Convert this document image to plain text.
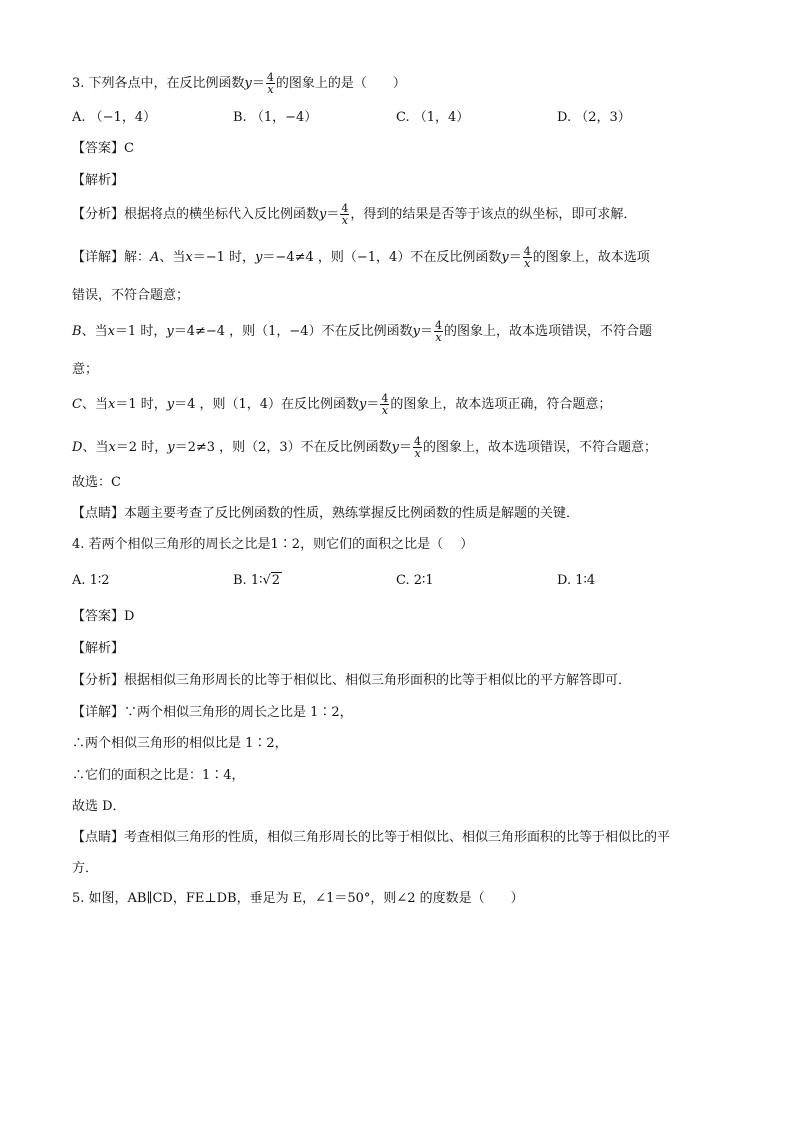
3. 下列各点中，在反比例函数$y= \frac{4}{x}$ 的图象上的是（　　）
A. （−1，4）	B. （1，−4）	C. （1，4）	D. （2，3）
【答案】C
【解析】
【分析】根据将点的横坐标代入反比例函数$y= \frac{4}{x}$ ，得到的结果是否等于该点的纵坐标，即可求解．
【详解】解：A、当x＝−1 时，y＝−4≠4 ，则（−1，4）不在反比例函数$y= \frac{4}{x}$ 的图象上，故本选项
错误，不符合题意；
B、当x＝1 时，y＝4≠−4 ，则（1，−4）不在反比例函数$y= \frac{4}{x}$ 的图象上，故本选项错误，不符合题
意；
C、当x＝1 时，y＝4 ，则（1，4）在反比例函数$y= \frac{4}{x}$ 的图象上，故本选项正确，符合题意；
D、当x＝2 时，y＝2≠3 ，则（2，3）不在反比例函数$y= \frac{4}{x}$ 的图象上，故本选项错误，不符合题意；
故选：C
【点睛】本题主要考查了反比例函数的性质，熟练掌握反比例函数的性质是解题的关键．
4. 若两个相似三角形的周长之比是1∶2，则它们的面积之比是（　 ）
A. 1∶2	B. 1∶√2	C. 2∶1	D. 1∶4
【答案】D
【解析】
【分析】根据相似三角形周长的比等于相似比、相似三角形面积的比等于相似比的平方解答即可．
【详解】∵两个相似三角形的周长之比是 1∶2，
∴两个相似三角形的相似比是 1∶2，
∴它们的面积之比是：1∶4，
故选 D．
【点睛】考查相似三角形的性质，相似三角形周长的比等于相似比、相似三角形面积的比等于相似比的平
方．
5. 如图，AB∥CD，FE⊥DB，垂足为 E，∠1＝50°，则∠2 的度数是（　　）
